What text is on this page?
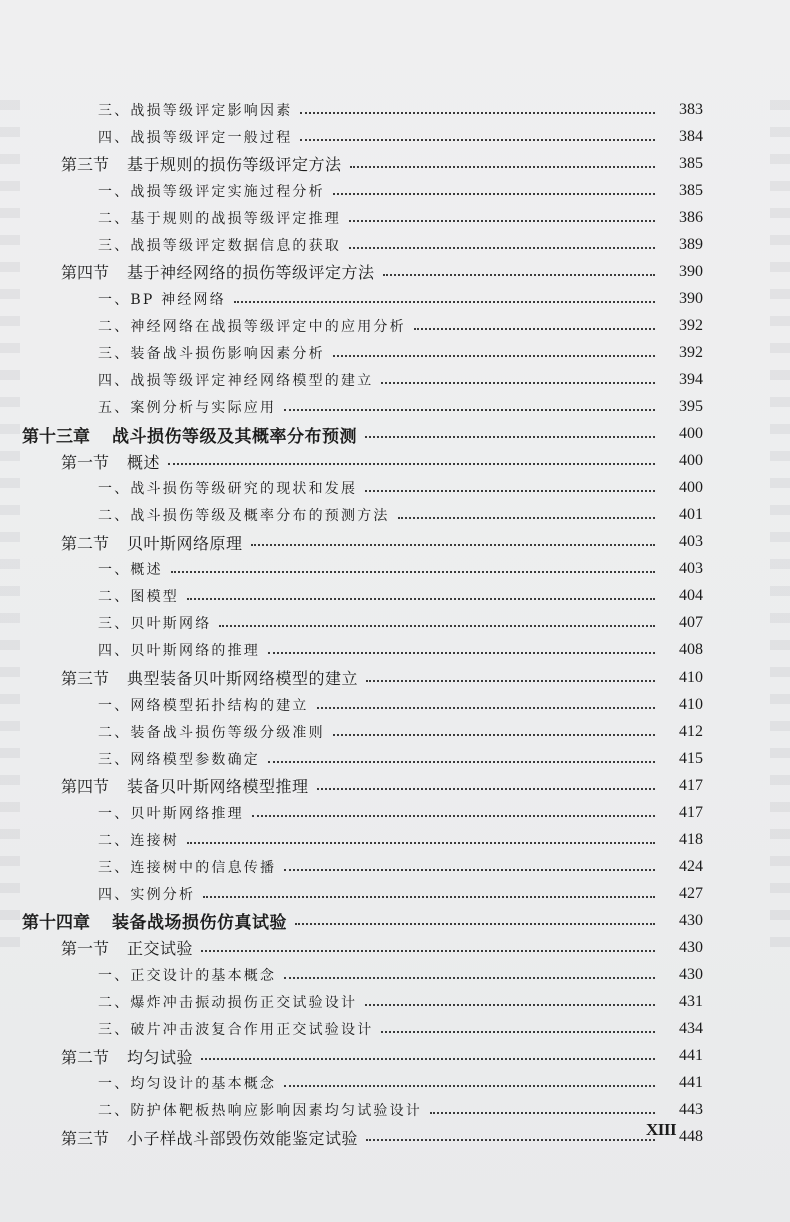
三、战损等级评定影响因素	383
四、战损等级评定一般过程	384
第三节 基于规则的损伤等级评定方法	385
一、战损等级评定实施过程分析	385
二、基于规则的战损等级评定推理	386
三、战损等级评定数据信息的获取	389
第四节 基于神经网络的损伤等级评定方法	390
一、BP 神经网络	390
二、神经网络在战损等级评定中的应用分析	392
三、装备战斗损伤影响因素分析	392
四、战损等级评定神经网络模型的建立	394
五、案例分析与实际应用	395
第十三章 战斗损伤等级及其概率分布预测	400
第一节 概述	400
一、战斗损伤等级研究的现状和发展	400
二、战斗损伤等级及概率分布的预测方法	401
第二节 贝叶斯网络原理	403
一、概述	403
二、图模型	404
三、贝叶斯网络	407
四、贝叶斯网络的推理	408
第三节 典型装备贝叶斯网络模型的建立	410
一、网络模型拓扑结构的建立	410
二、装备战斗损伤等级分级准则	412
三、网络模型参数确定	415
第四节 装备贝叶斯网络模型推理	417
一、贝叶斯网络推理	417
二、连接树	418
三、连接树中的信息传播	424
四、实例分析	427
第十四章 装备战场损伤仿真试验	430
第一节 正交试验	430
一、正交设计的基本概念	430
二、爆炸冲击振动损伤正交试验设计	431
三、破片冲击波复合作用正交试验设计	434
第二节 均匀试验	441
一、均匀设计的基本概念	441
二、防护体靶板热响应影响因素均匀试验设计	443
第三节 小子样战斗部毁伤效能鉴定试验	448
XIII
